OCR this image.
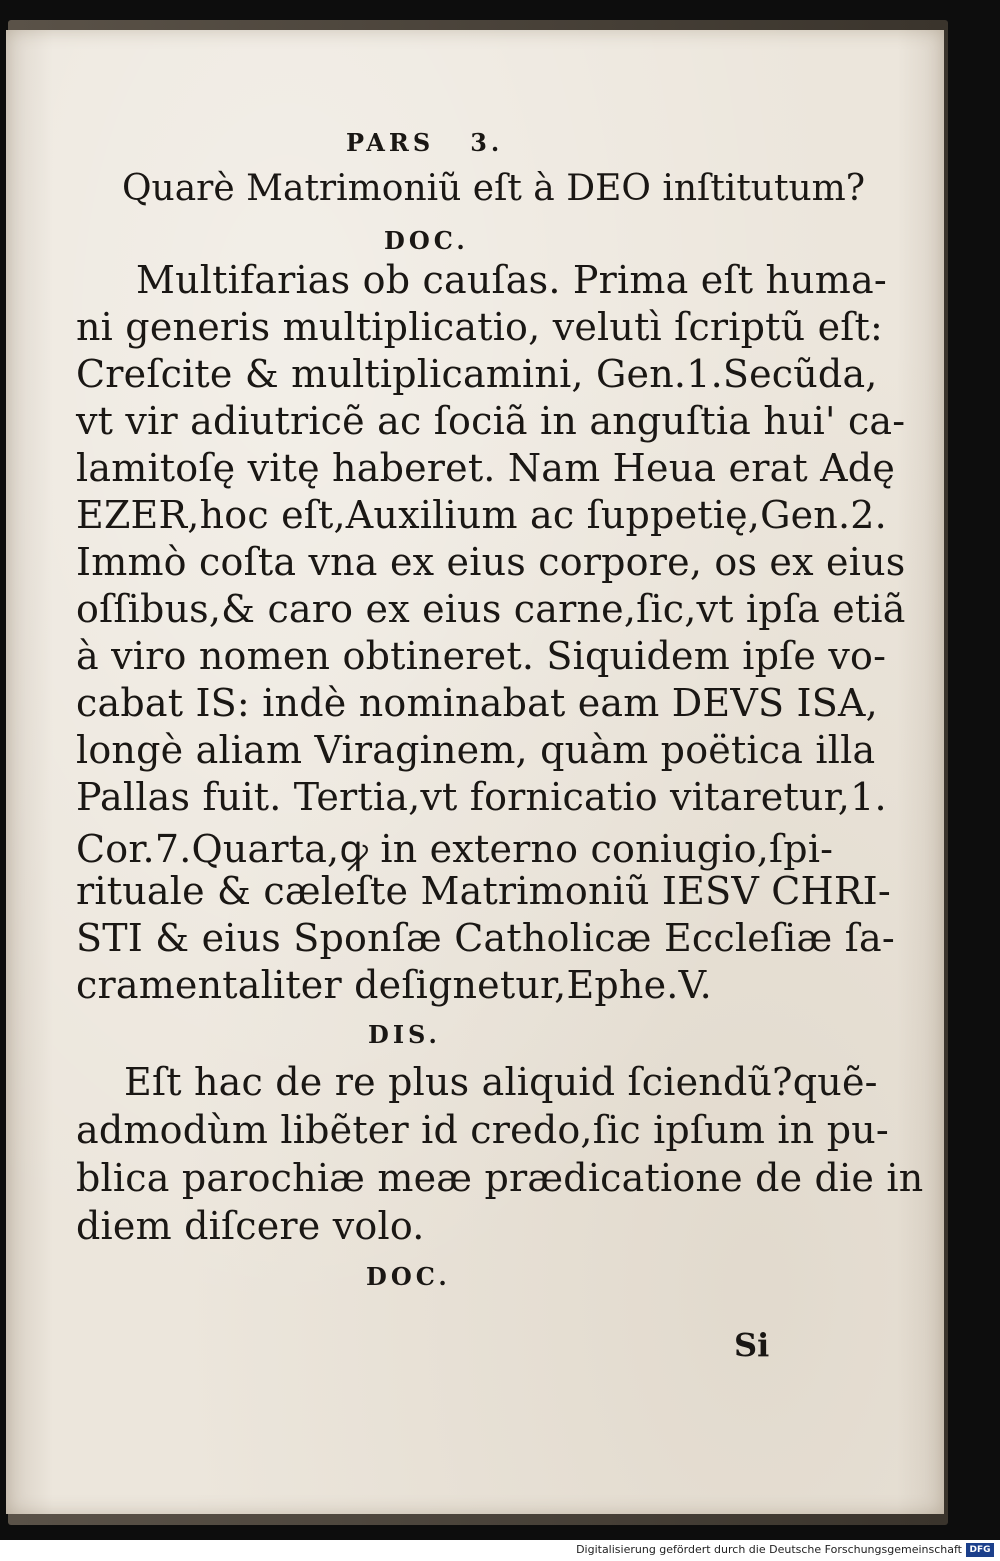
PARS 3.
Quarè Matrimoniũ eſt à DEO inſtitutum?
DOC.
Multifarias ob cauſas. Prima eſt huma-
ni generis multiplicatio, velutì ſcriptũ eſt:
Creſcite & multiplicamini, Gen.1.Secũda,
vt vir adiutricẽ ac ſociã in anguſtia hui' ca-
lamitoſę vitę haberet. Nam Heua erat Adę
EZER,hoc eſt,Auxilium ac ſuppetię,Gen.2.
Immò coſta vna ex eius corpore, os ex eius
oſſibus,& caro ex eius carne,ſic,vt ipſa etiã
à viro nomen obtineret. Siquidem ipſe vo-
cabat IS: indè nominabat eam DEVS ISA,
longè aliam Viraginem, quàm poëtica illa
Pallas fuit. Tertia,vt fornicatio vitaretur,1.
Cor.7.Quarta,ꝙ in externo coniugio,ſpi-
rituale & cæleſte Matrimoniũ IESV CHRI-
STI & eius Sponſæ Catholicæ Eccleſiæ ſa-
cramentaliter deſignetur,Ephe.V.
DIS.
Eſt hac de re plus aliquid ſciendũ?quẽ-
admodùm libẽter id credo,ſic ipſum in pu-
blica parochiæ meæ prædicatione de die in
diem diſcere volo.
DOC.
Si
Digitalisierung gefördert durch die Deutsche Forschungsgemeinschaft DFG
